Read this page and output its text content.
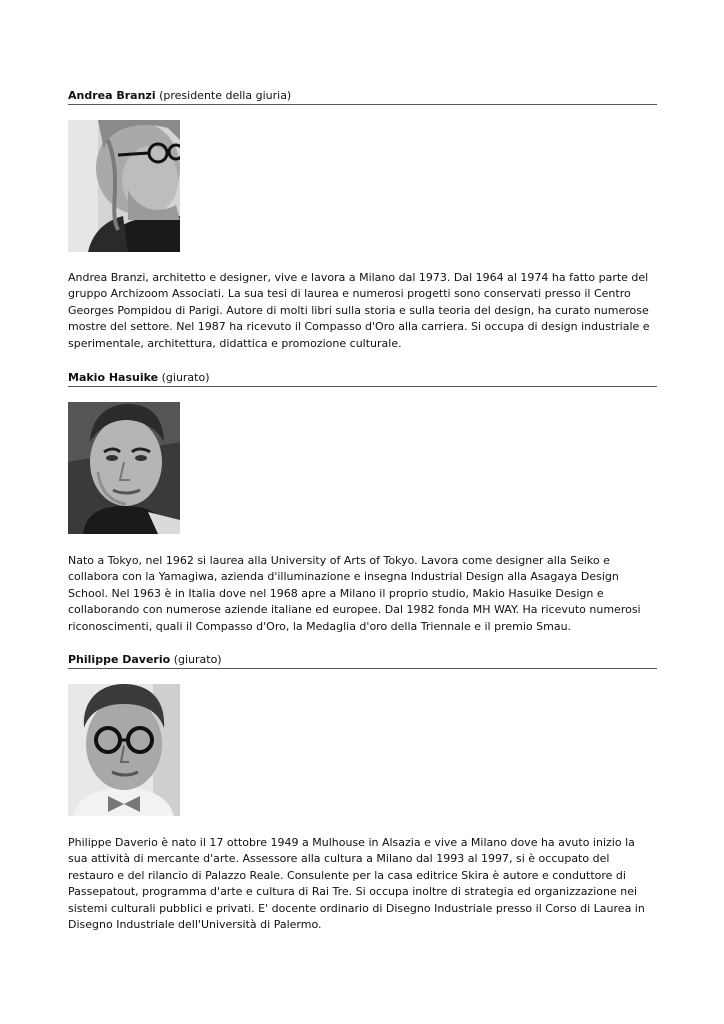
Andrea Branzi (presidente della giuria)

Andrea Branzi, architetto e designer, vive e lavora a Milano dal 1973. Dal 1964 al 1974 ha fatto parte del gruppo Archizoom Associati. La sua tesi di laurea e numerosi progetti sono conservati presso il Centro Georges Pompidou di Parigi. Autore di molti libri sulla storia e sulla teoria del design, ha curato numerose mostre del settore. Nel 1987 ha ricevuto il Compasso d'Oro alla carriera. Si occupa di design industriale e sperimentale, architettura, didattica e promozione culturale.

Makio Hasuike (giurato)

Nato a Tokyo, nel 1962 si laurea alla University of Arts of Tokyo. Lavora come designer alla Seiko e collabora con la Yamagiwa, azienda d'illuminazione e insegna Industrial Design alla Asagaya Design School. Nel 1963 è in Italia dove nel 1968 apre a Milano il proprio studio, Makio Hasuike Design e collaborando con numerose aziende italiane ed europee. Dal 1982 fonda MH WAY. Ha ricevuto numerosi riconoscimenti, quali il Compasso d'Oro, la Medaglia d'oro della Triennale e il premio Smau.

Philippe Daverio (giurato)

Philippe Daverio è nato il 17 ottobre 1949 a Mulhouse in Alsazia e vive a Milano dove ha avuto inizio la sua attività di mercante d'arte. Assessore alla cultura a Milano dal 1993 al 1997, si è occupato del restauro e del rilancio di Palazzo Reale. Consulente per la casa editrice Skira è autore e conduttore di Passepatout, programma d'arte e cultura di Rai Tre. Si occupa inoltre di strategia ed organizzazione nei sistemi culturali pubblici e privati. E' docente ordinario di Disegno Industriale presso il Corso di Laurea in Disegno Industriale dell'Università di Palermo.
